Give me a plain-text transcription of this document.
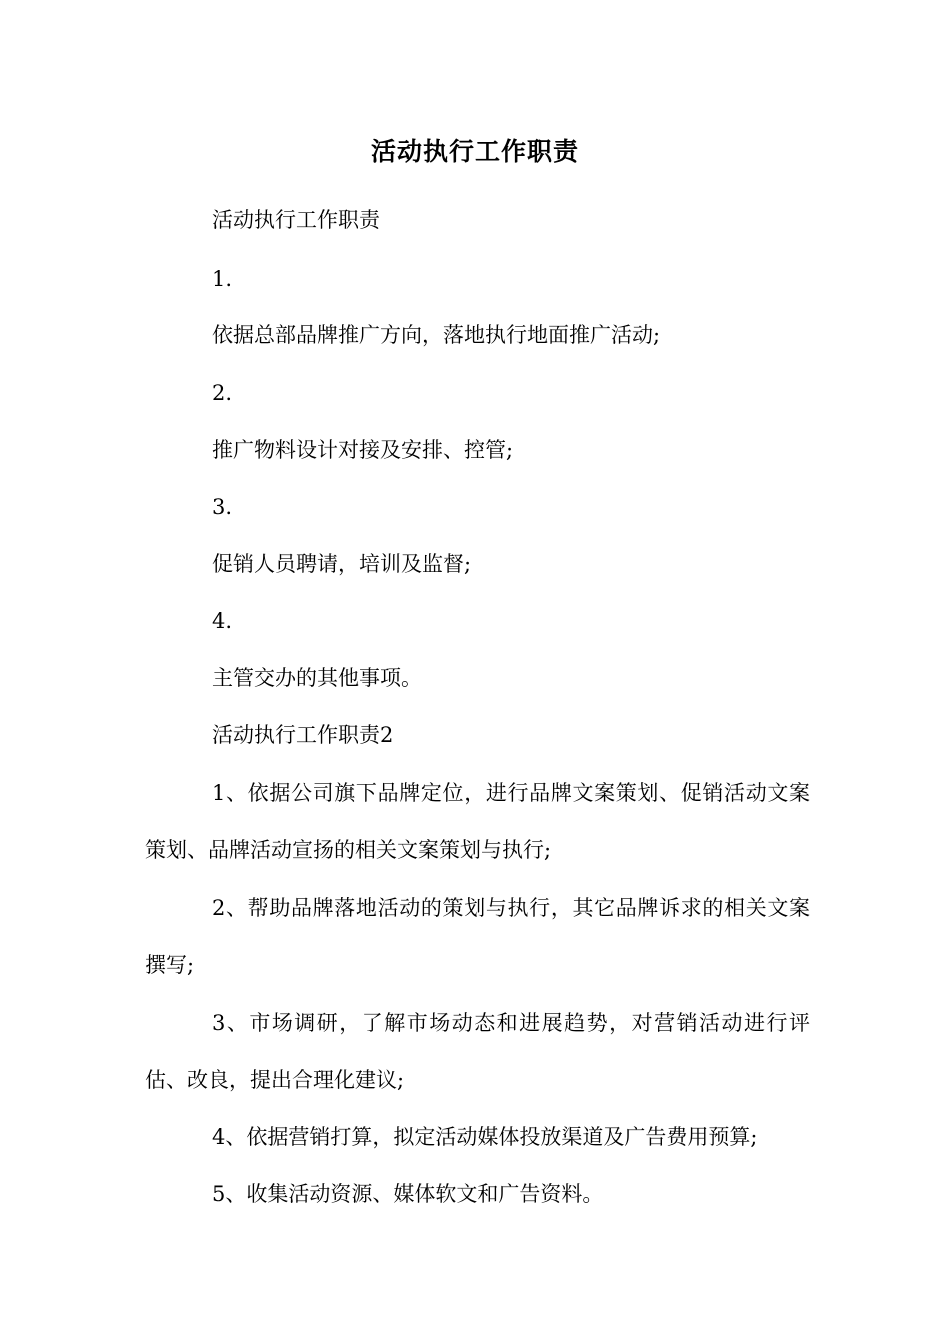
活动执行工作职责
活动执行工作职责
1.
依据总部品牌推广方向，落地执行地面推广活动;
2.
推广物料设计对接及安排、控管;
3.
促销人员聘请，培训及监督;
4.
主管交办的其他事项。
活动执行工作职责2

1、依据公司旗下品牌定位，进行品牌文案策划、促销活动文案策划、品牌活动宣扬的相关文案策划与执行;

2、帮助品牌落地活动的策划与执行，其它品牌诉求的相关文案撰写;

3、市场调研，了解市场动态和进展趋势，对营销活动进行评估、改良，提出合理化建议;

4、依据营销打算，拟定活动媒体投放渠道及广告费用预算;

5、收集活动资源、媒体软文和广告资料。
